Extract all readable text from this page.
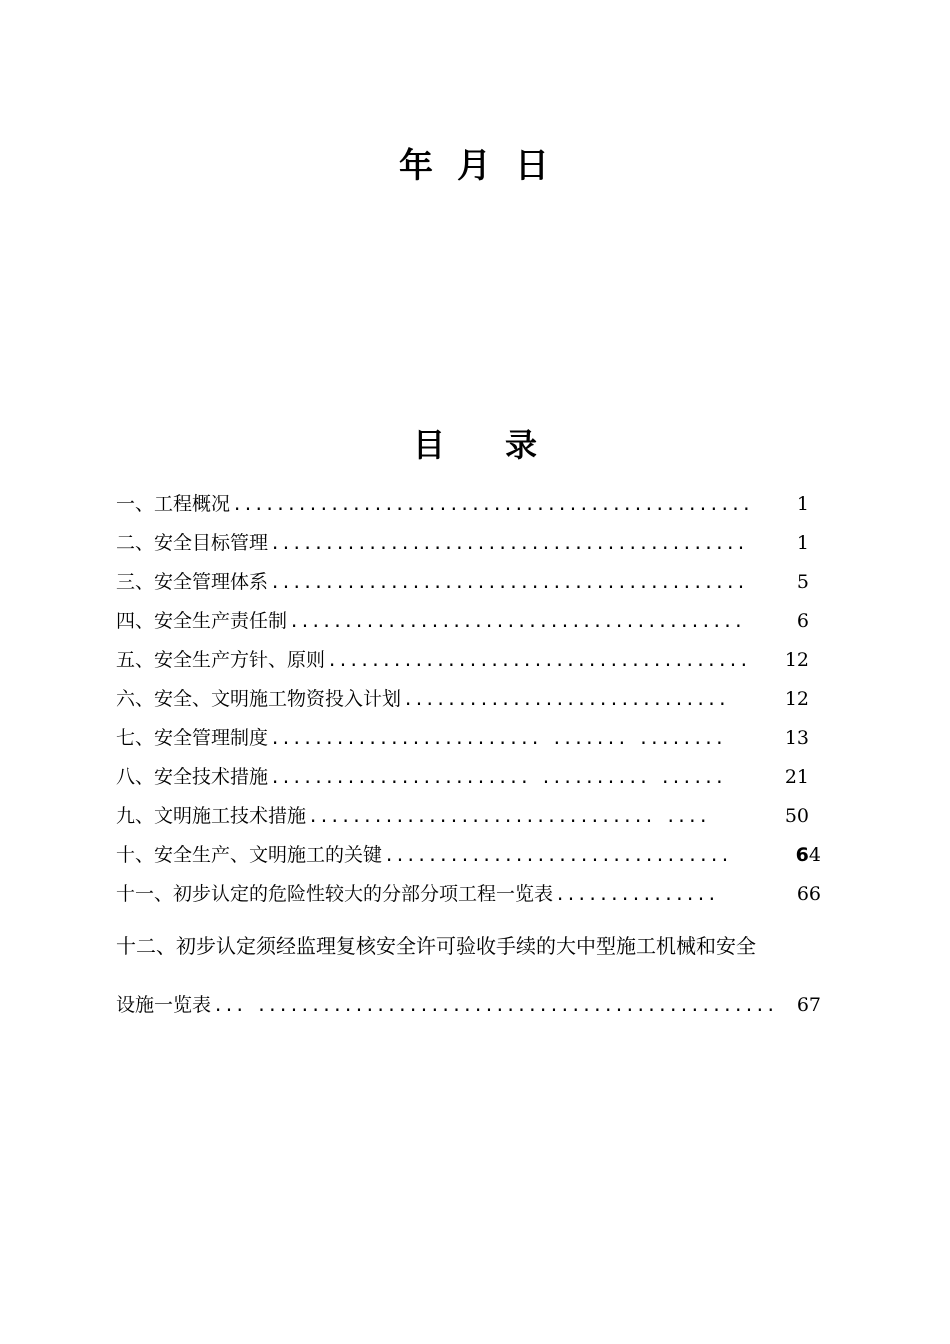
年 月 日
目 录
一、工程概况 ................................................	1
二、安全目标管理 ............................................	1
三、安全管理体系 ............................................	5
四、安全生产责任制 ..........................................	6
五、安全生产方针、原则 .......................................	12
六、安全、文明施工物资投入计划 ..............................	12
七、安全管理制度 ......................... ....... ........	13
八、安全技术措施 ........................ .......... ......	21
九、文明施工技术措施 ................................ ....	50
十、安全生产、文明施工的关键 ................................	64
十一、初步认定的危险性较大的分部分项工程一览表 ...............	66
十二、初步认定须经监理复核安全许可验收手续的大中型施工机械和安全
设施一览表 ... ................................................	67
